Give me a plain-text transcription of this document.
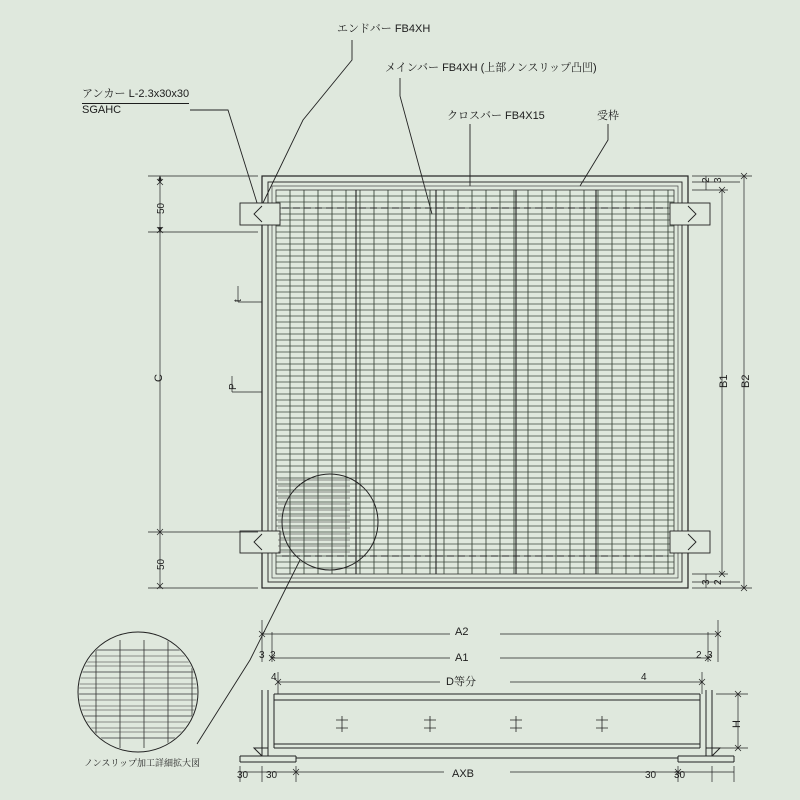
アンカー L-2.3x30x30
SGAHC
エンドバー FB4XH
メインバー FB4XH (上部ノンスリップ凸凹)
クロスバー FB4X15	受枠
ノンスリップ加工詳細拡大図
50
50
C
t
P	B1 B2
2 3
3 2
A2
A1
D等分
AXB
H
3 2	2 3
4	4
30 30	30 30
